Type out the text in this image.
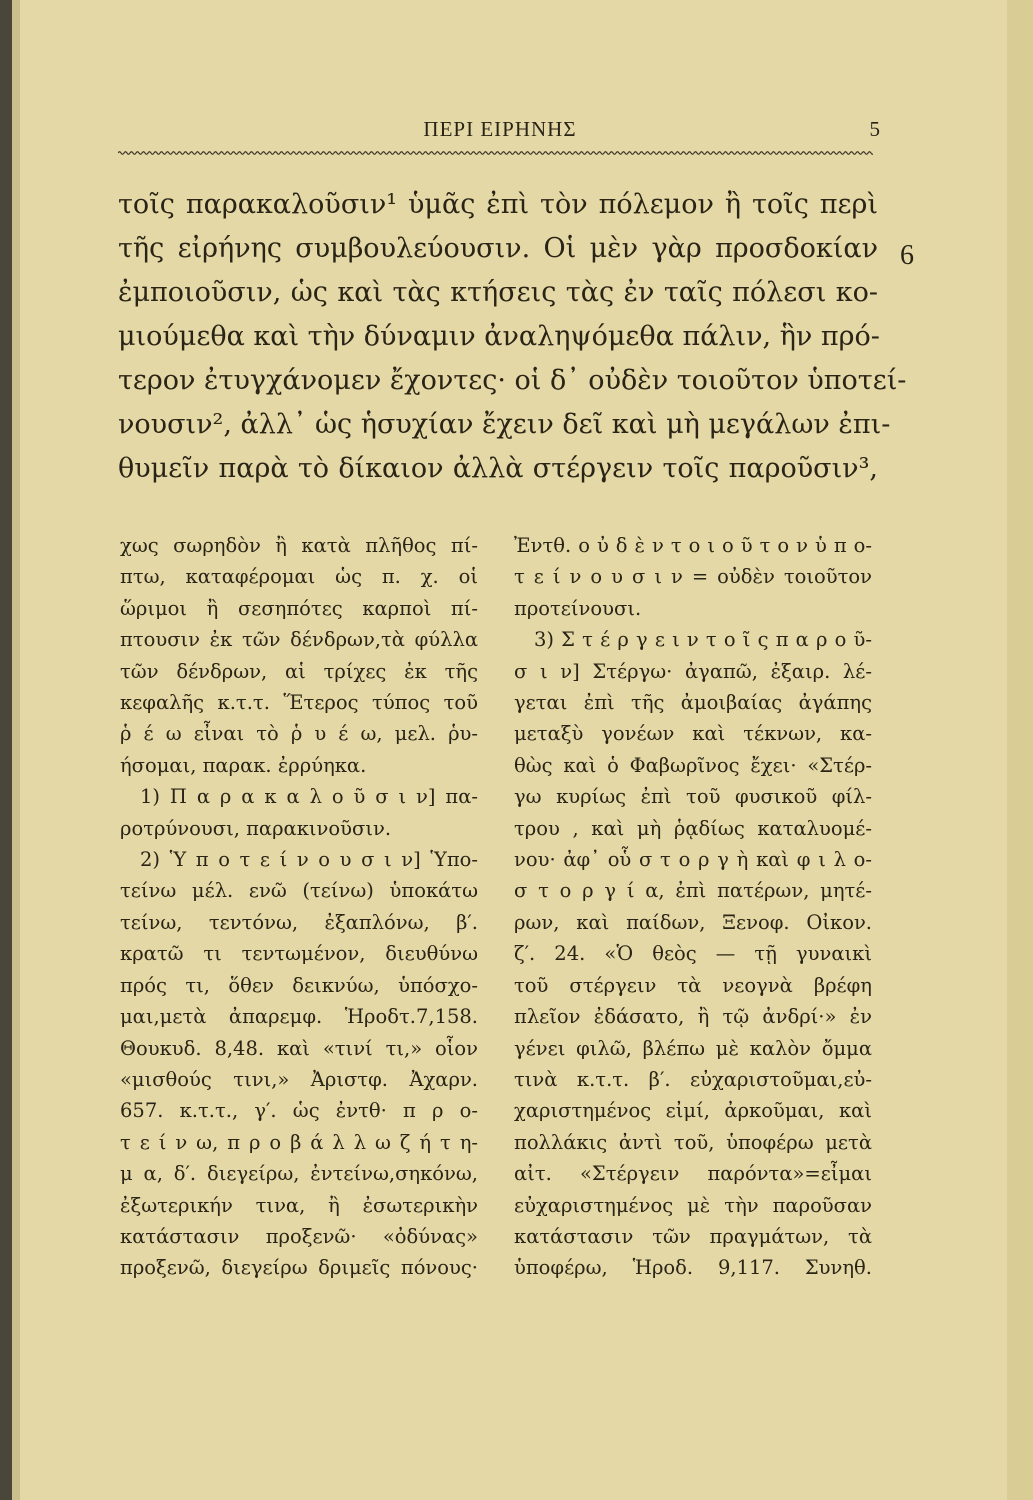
ΠΕΡΙ ΕΙΡΗΝΗΣ	5
τοῖς παρακαλοῦσιν¹ ὑμᾶς ἐπὶ τὸν πόλεμον ἢ τοῖς περὶ
τῆς εἰρήνης συμβουλεύουσιν. Οἱ μὲν γὰρ προσδοκίαν
ἐμποιοῦσιν, ὡς καὶ τὰς κτήσεις τὰς ἐν ταῖς πόλεσι κο-
μιούμεθα καὶ τὴν δύναμιν ἀναληψόμεθα πάλιν, ἣν πρό-
τερον ἐτυγχάνομεν ἔχοντες· οἱ δ᾽ οὐδὲν τοιοῦτον ὑποτεί-
νουσιν², ἀλλ᾽ ὡς ἡσυχίαν ἔχειν δεῖ καὶ μὴ μεγάλων ἐπι-
θυμεῖν παρὰ τὸ δίκαιον ἀλλὰ στέργειν τοῖς παροῦσιν³,
6
χως σωρηδὸν ἢ κατὰ πλῆθος πί-
πτω, καταφέρομαι ὡς π. χ. οἱ
ὥριμοι ἢ σεσηπότες καρποὶ πί-
πτουσιν ἐκ τῶν δένδρων,τὰ φύλλα
τῶν δένδρων, αἱ τρίχες ἐκ τῆς
κεφαλῆς κ.τ.τ. Ἕτερος τύπος τοῦ
ῥ έ ω εἶναι τὸ ῥ υ έ ω, μελ. ῥυ-
ήσομαι, παρακ. ἐρρύηκα.
1) Π α ρ α κ α λ ο ῦ σ ι ν] πα-
ροτρύνουσι, παρακινοῦσιν.
2) Ὑ π ο τ ε ί ν ο υ σ ι ν] Ὑπο-
τείνω μέλ. ενῶ (τείνω) ὑποκάτω
τείνω, τεντόνω, ἐξαπλόνω, β′.
κρατῶ τι τεντωμένον, διευθύνω
πρός τι, ὅθεν δεικνύω, ὑπόσχο-
μαι,μετὰ ἀπαρεμφ. Ἡροδτ.7,158.
Θουκυδ. 8,48. καὶ «τινί τι,» οἷον
«μισθούς τινι,» Ἀριστφ. Ἀχαρν.
657. κ.τ.τ., γ′. ὡς ἐντθ· π ρ ο-
τ ε ί ν ω, π ρ ο β ά λ λ ω ζ ή τ η-
μ α, δ′. διεγείρω, ἐντείνω,σηκόνω,
ἐξωτερικήν τινα, ἢ ἐσωτερικὴν
κατάστασιν προξενῶ· «ὀδύνας»
προξενῶ, διεγείρω δριμεῖς πόνους·
Ἐντθ. ο ὐ δ ὲ ν τ ο ι ο ῦ τ ο ν ὑ π ο-
τ ε ί ν ο υ σ ι ν = οὐδὲν τοιοῦτον
προτείνουσι.
3) Σ τ έ ρ γ ε ι ν τ ο ῖ ς π α ρ ο ῦ-
σ ι ν] Στέργω· ἀγαπῶ, ἐξαιρ. λέ-
γεται ἐπὶ τῆς ἀμοιβαίας ἀγάπης
μεταξὺ γονέων καὶ τέκνων, κα-
θὼς καὶ ὁ Φαβωρῖνος ἔχει· «Στέρ-
γω κυρίως ἐπὶ τοῦ φυσικοῦ φίλ-
τρου , καὶ μὴ ῥᾳδίως καταλυομέ-
νου· ἀφ᾽ οὗ σ τ ο ρ γ ὴ καὶ φ ι λ ο-
σ τ ο ρ γ ί α, ἐπὶ πατέρων, μητέ-
ρων, καὶ παίδων, Ξενοφ. Οἰκον.
ζ′. 24. «Ὁ θεὸς — τῇ γυναικὶ
τοῦ στέργειν τὰ νεογνὰ βρέφη
πλεῖον ἐδάσατο, ἢ τῷ ἀνδρί·» ἐν
γένει φιλῶ, βλέπω μὲ καλὸν ὄμμα
τινὰ κ.τ.τ. β′. εὐχαριστοῦμαι,εὐ-
χαριστημένος εἰμί, ἀρκοῦμαι, καὶ
πολλάκις ἀντὶ τοῦ, ὑποφέρω μετὰ
αἰτ. «Στέργειν παρόντα»=εἶμαι
εὐχαριστημένος μὲ τὴν παροῦσαν
κατάστασιν τῶν πραγμάτων, τὰ
ὑποφέρω, Ἡροδ. 9,117. Συνηθ.
